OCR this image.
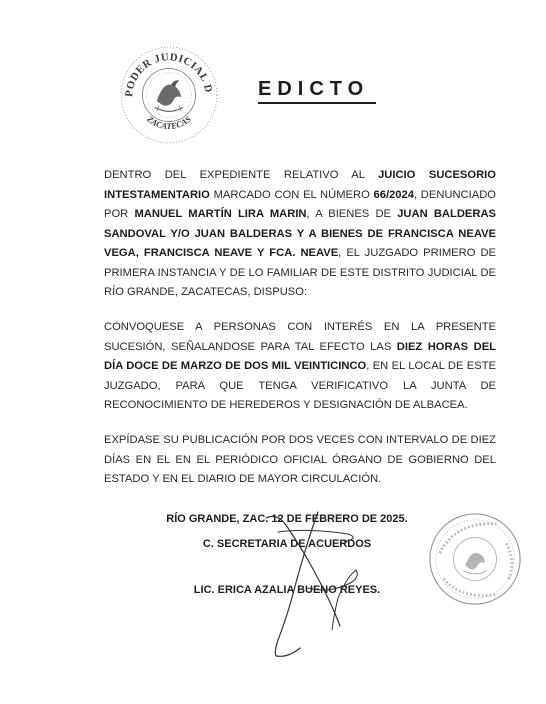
PODER JUDICIAL D
ZACATECAS
EDICTO
DENTRO DEL EXPEDIENTE RELATIVO AL JUICIO SUCESORIO INTESTAMENTARIO MARCADO CON EL NÚMERO 66/2024, DENUNCIADO POR MANUEL MARTÍN LIRA MARIN, A BIENES DE JUAN BALDERAS SANDOVAL Y/O JUAN BALDERAS Y A BIENES DE FRANCISCA NEAVE VEGA, FRANCISCA NEAVE Y FCA. NEAVE, EL JUZGADO PRIMERO DE PRIMERA INSTANCIA Y DE LO FAMILIAR DE ESTE DISTRITO JUDICIAL DE RÍO GRANDE, ZACATECAS, DISPUSO:
CONVOQUESE A PERSONAS CON INTERÉS EN LA PRESENTE SUCESIÓN, SEÑALANDOSE PARA TAL EFECTO LAS DIEZ HORAS DEL DÍA DOCE DE MARZO DE DOS MIL VEINTICINCO, EN EL LOCAL DE ESTE JUZGADO, PARA QUE TENGA VERIFICATIVO LA JUNTA DE RECONOCIMIENTO DE HEREDEROS Y DESIGNACIÓN DE ALBACEA.
EXPÍDASE SU PUBLICACIÓN POR DOS VECES CON INTERVALO DE DIEZ DÍAS EN EL EN EL PERIÓDICO OFICIAL ÓRGANO DE GOBIERNO DEL ESTADO Y EN EL DIARIO DE MAYOR CIRCULACIÓN.
RÍO GRANDE, ZAC. 12 DE FEBRERO DE 2025.
C. SECRETARIA DE ACUERDOS
LIC. ERICA AZALIA BUENO REYES.
